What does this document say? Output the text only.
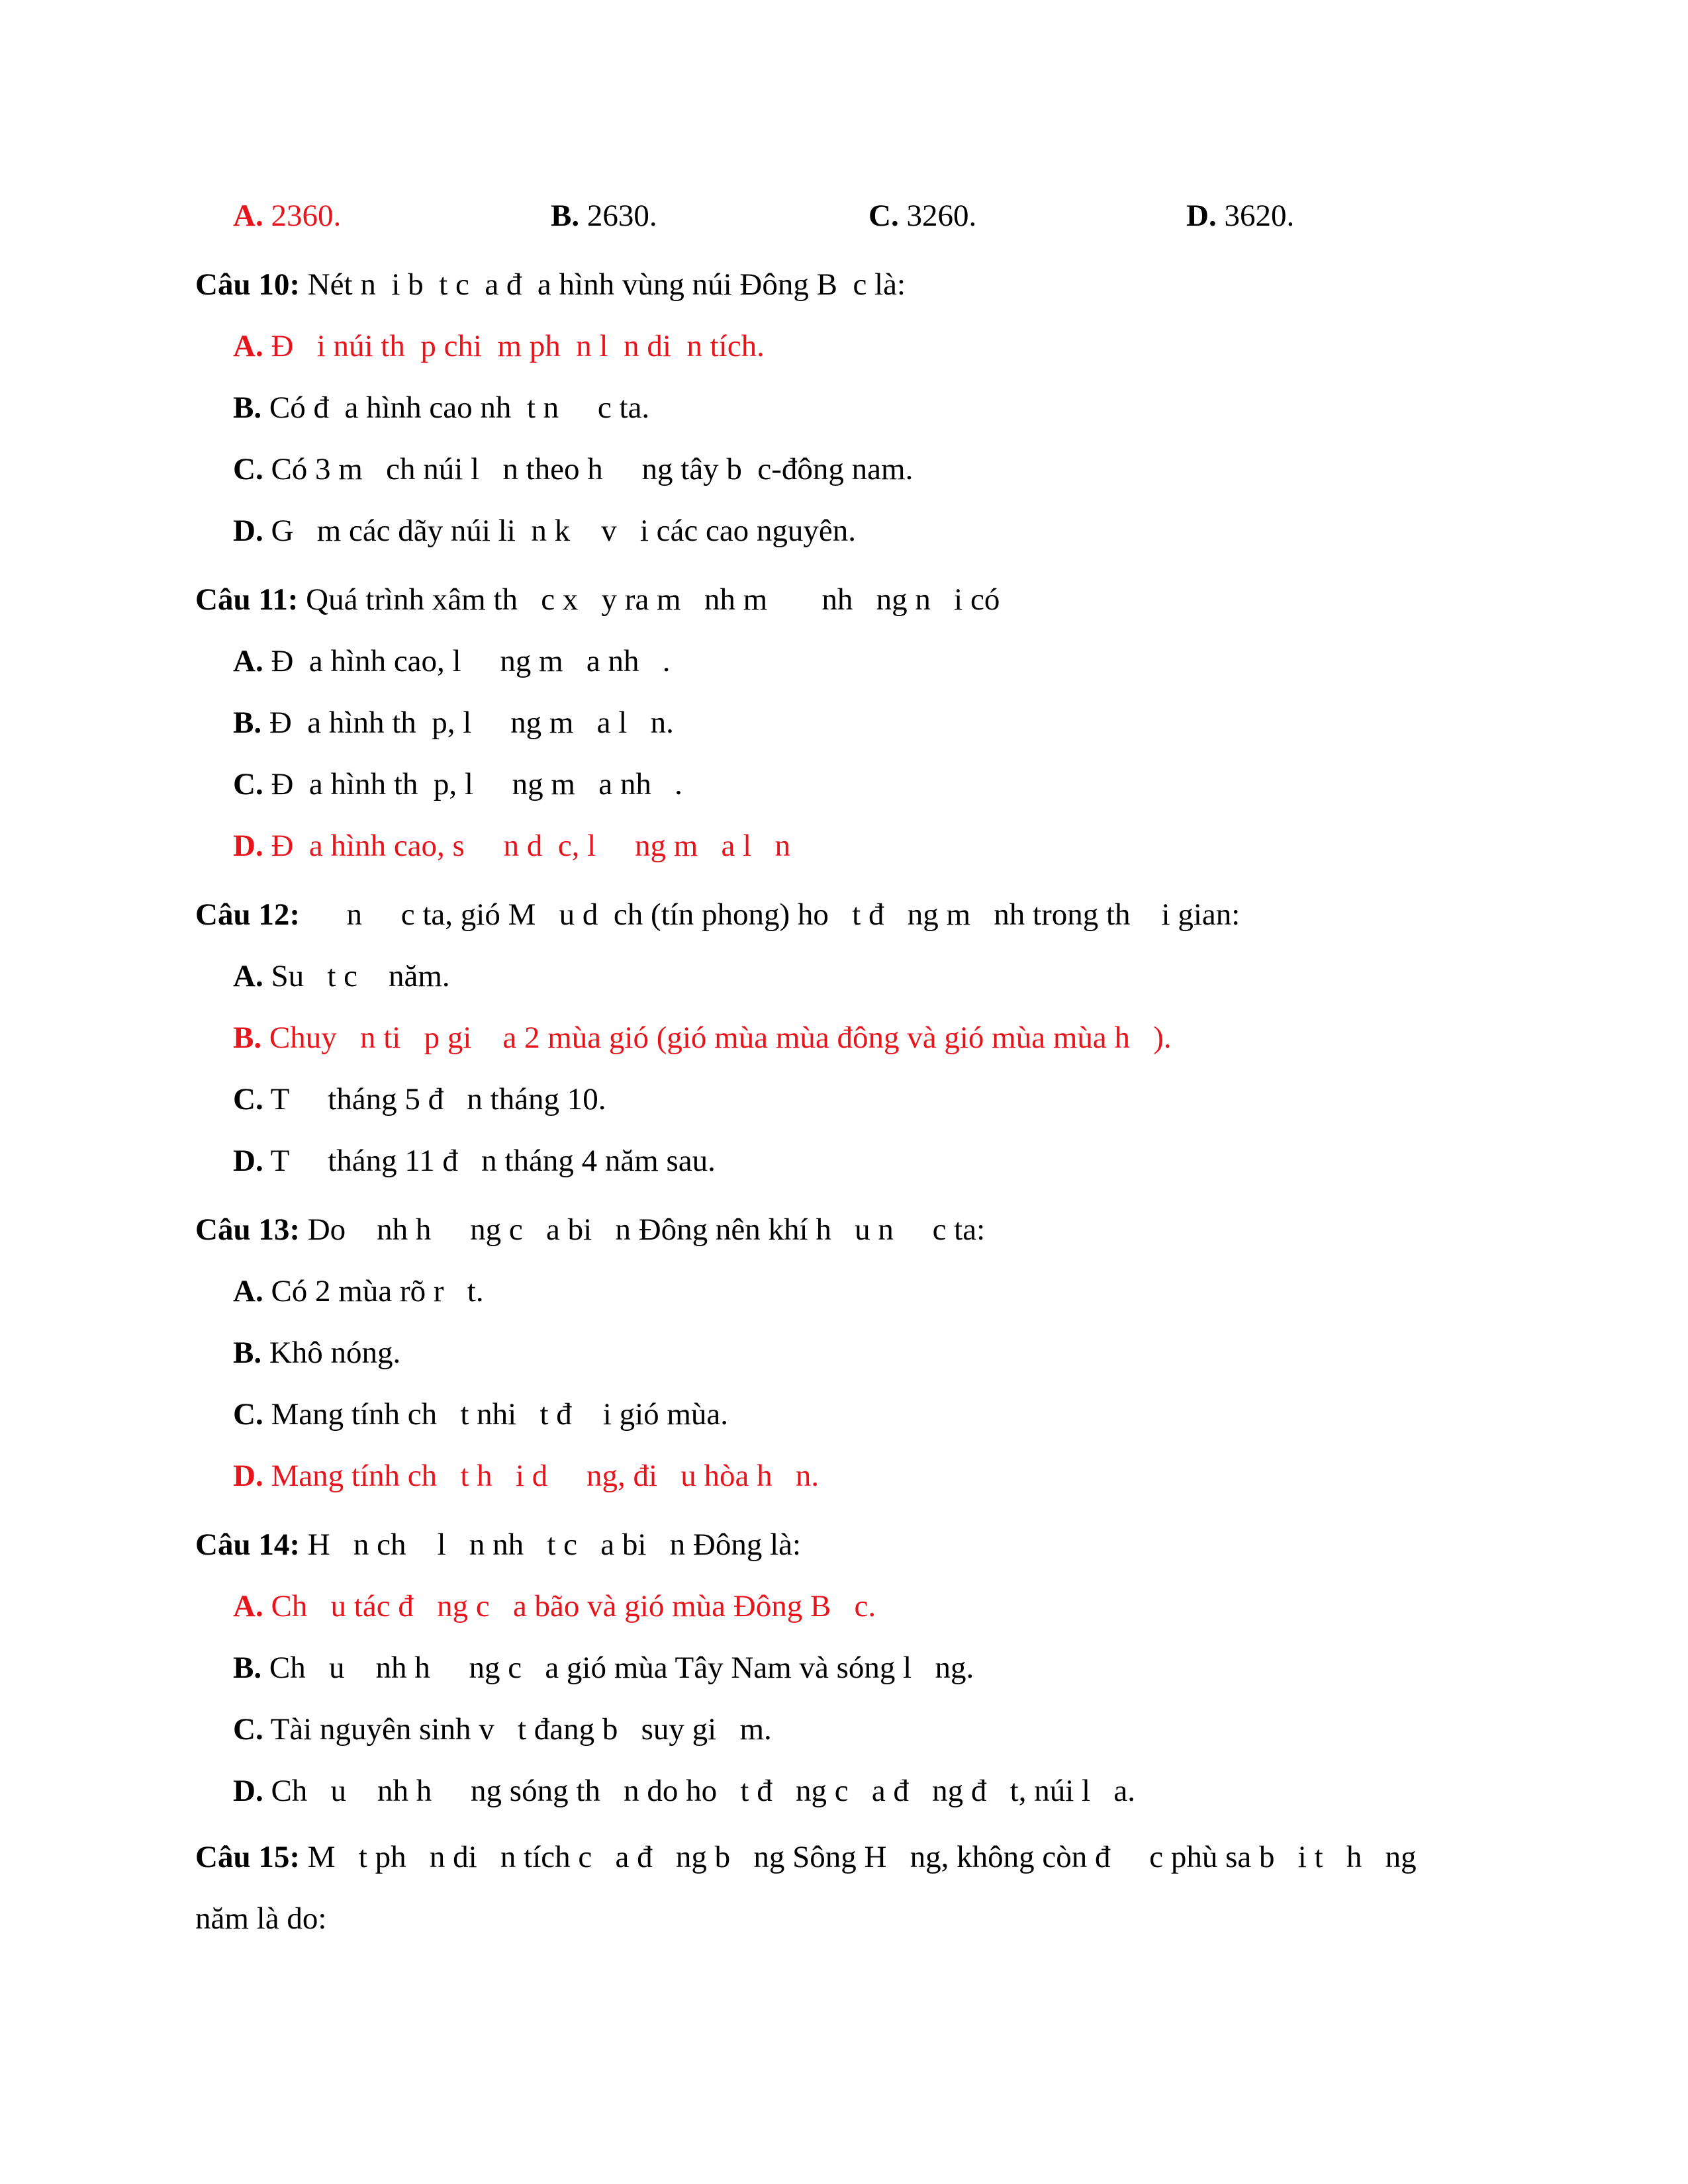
A. 2360.	B. 2630.	C. 3260.	D. 3620.
Câu 10: Nét n  i b  t c  a đ  a hình vùng núi Đông B  c là:
A. Đ   i núi th  p chi  m ph  n l  n di  n tích.
B. Có đ  a hình cao nh  t n     c ta.
C. Có 3 m   ch núi l   n theo h     ng tây b  c-đông nam.
D. G   m các dãy núi li  n k    v   i các cao nguyên.
Câu 11: Quá trình xâm th   c x   y ra m   nh m       nh   ng n   i có
A. Đ  a hình cao, l     ng m   a nh   .
B. Đ  a hình th  p, l     ng m   a l   n.
C. Đ  a hình th  p, l     ng m   a nh   .
D. Đ  a hình cao, s     n d  c, l     ng m   a l   n
Câu 12:      n     c ta, gió M   u d  ch (tín phong) ho   t đ   ng m   nh trong th    i gian:
A. Su   t c    năm.
B. Chuy   n ti   p gi    a 2 mùa gió (gió mùa mùa đông và gió mùa mùa h   ).
C. T     tháng 5 đ   n tháng 10.
D. T     tháng 11 đ   n tháng 4 năm sau.
Câu 13: Do    nh h     ng c   a bi   n Đông nên khí h   u n     c ta:
A. Có 2 mùa rõ r   t.
B. Khô nóng.
C. Mang tính ch   t nhi   t đ    i gió mùa.
D. Mang tính ch   t h   i d     ng, đi   u hòa h   n.
Câu 14: H   n ch    l   n nh   t c   a bi   n Đông là:
A. Ch   u tác đ   ng c   a bão và gió mùa Đông B   c.
B. Ch   u    nh h     ng c   a gió mùa Tây Nam và sóng l   ng.
C. Tài nguyên sinh v   t đang b   suy gi   m.
D. Ch   u    nh h     ng sóng th   n do ho   t đ   ng c   a đ   ng đ   t, núi l   a.
Câu 15: M   t ph   n di   n tích c   a đ   ng b   ng Sông H   ng, không còn đ     c phù sa b   i t   h   ng năm là do:
